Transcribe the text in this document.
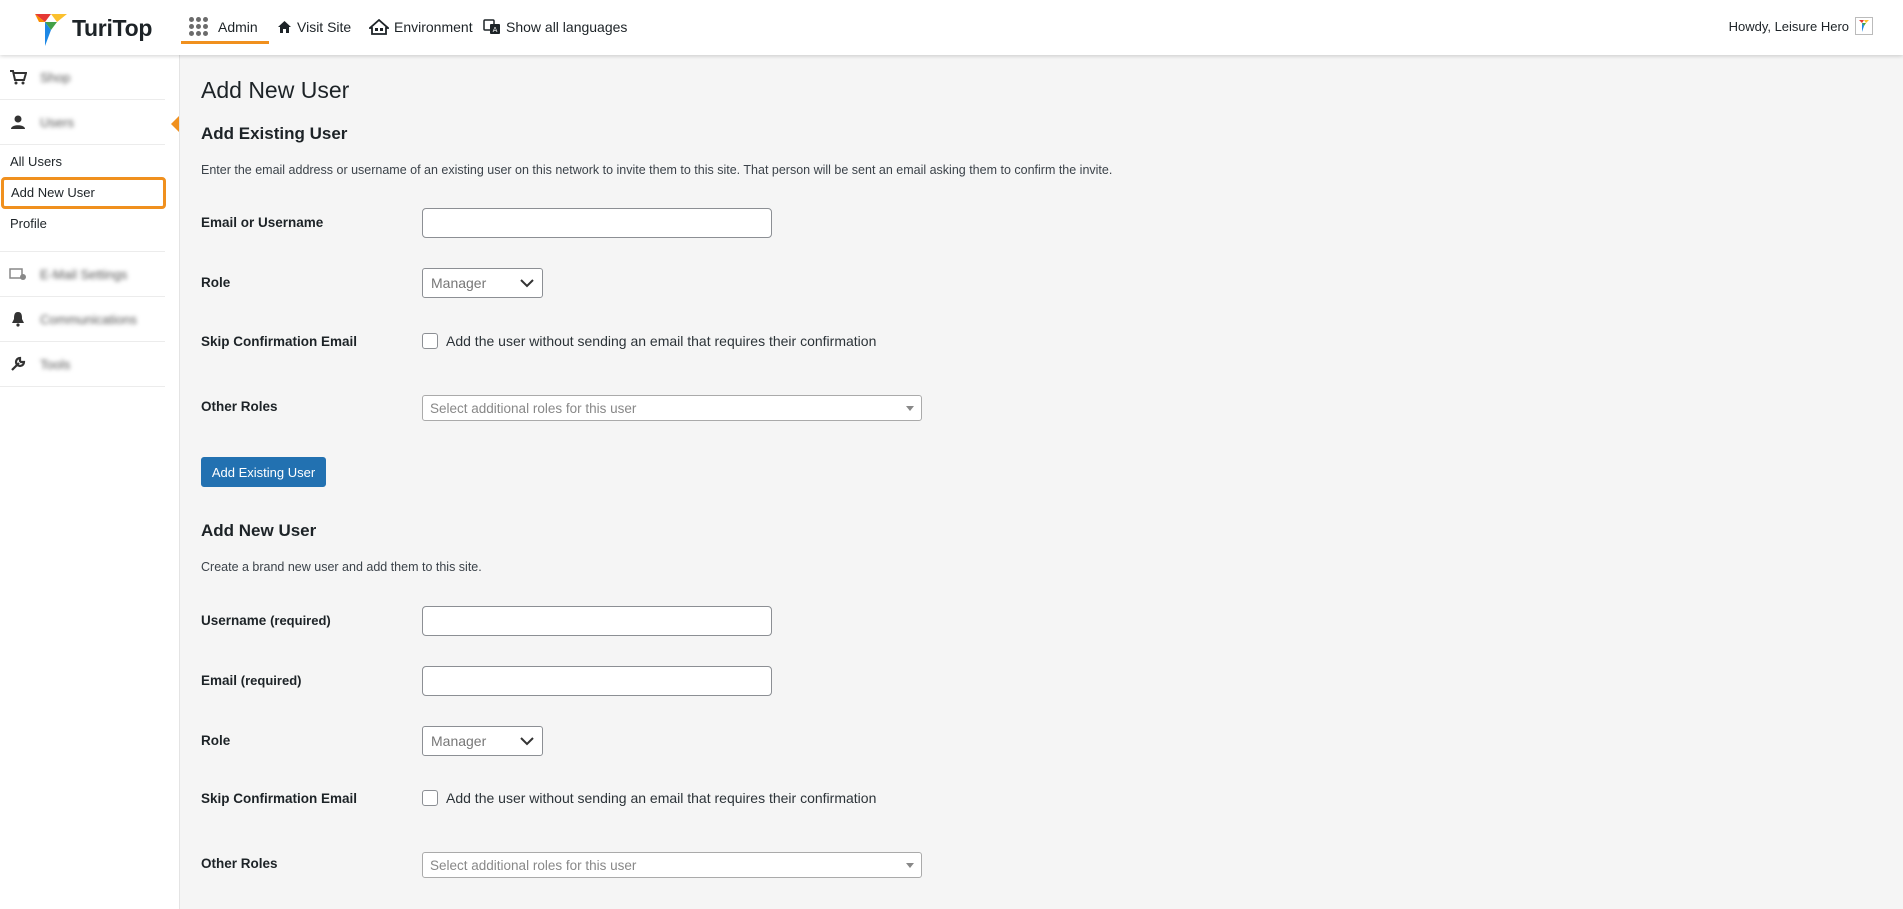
TuriTop	Admin	Visit Site	Environment	A Show all languages	Howdy, Leisure Hero
Shop
Users
All Users
Add New User
Profile
E-Mail Settings
Communications
Tools
Add New User
Add Existing User

Enter the email address or username of an existing user on this network to invite them to this site. That person will be sent an email asking them to confirm the invite.

Email or Username
Role	Manager
Skip Confirmation Email	Add the user without sending an email that requires their confirmation
Other Roles	Select additional roles for this user
Add Existing User
Add New User

Create a brand new user and add them to this site.

Username (required)
Email (required)
Role	Manager
Skip Confirmation Email	Add the user without sending an email that requires their confirmation
Other Roles	Select additional roles for this user
